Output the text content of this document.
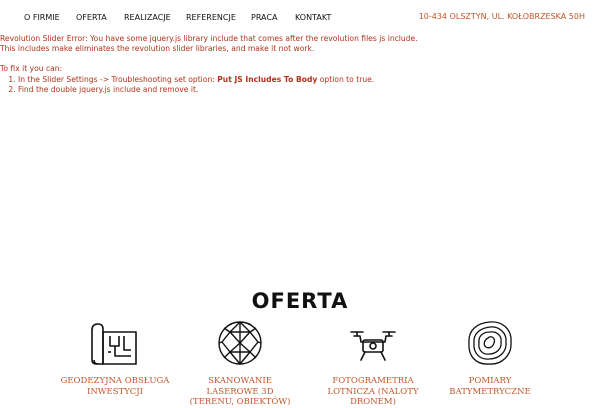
O FIRMIE OFERTA REALIZACJE REFERENCJE PRACA KONTAKT	10-434 OLSZTYN, UL. KOŁOBRZESKA 50H

Revolution Slider Error: You have some jquery.js library include that comes after the revolution files js include.

This includes make eliminates the revolution slider libraries, and make it not work.

To fix it you can:

1. In the Slider Settings -> Troubleshooting set option: Put JS Includes To Body option to true.
2. Find the double jquery.js include and remove it.
OFERTA
GEODEZYJNA OBSŁUGA INWESTYCJI
SKANOWANIE LASEROWE 3D (TERENU, OBIEKTÓW)
FOTOGRAMETRIA LOTNICZA (NALOTY DRONEM)
POMIARY BATYMETRYCZNE
